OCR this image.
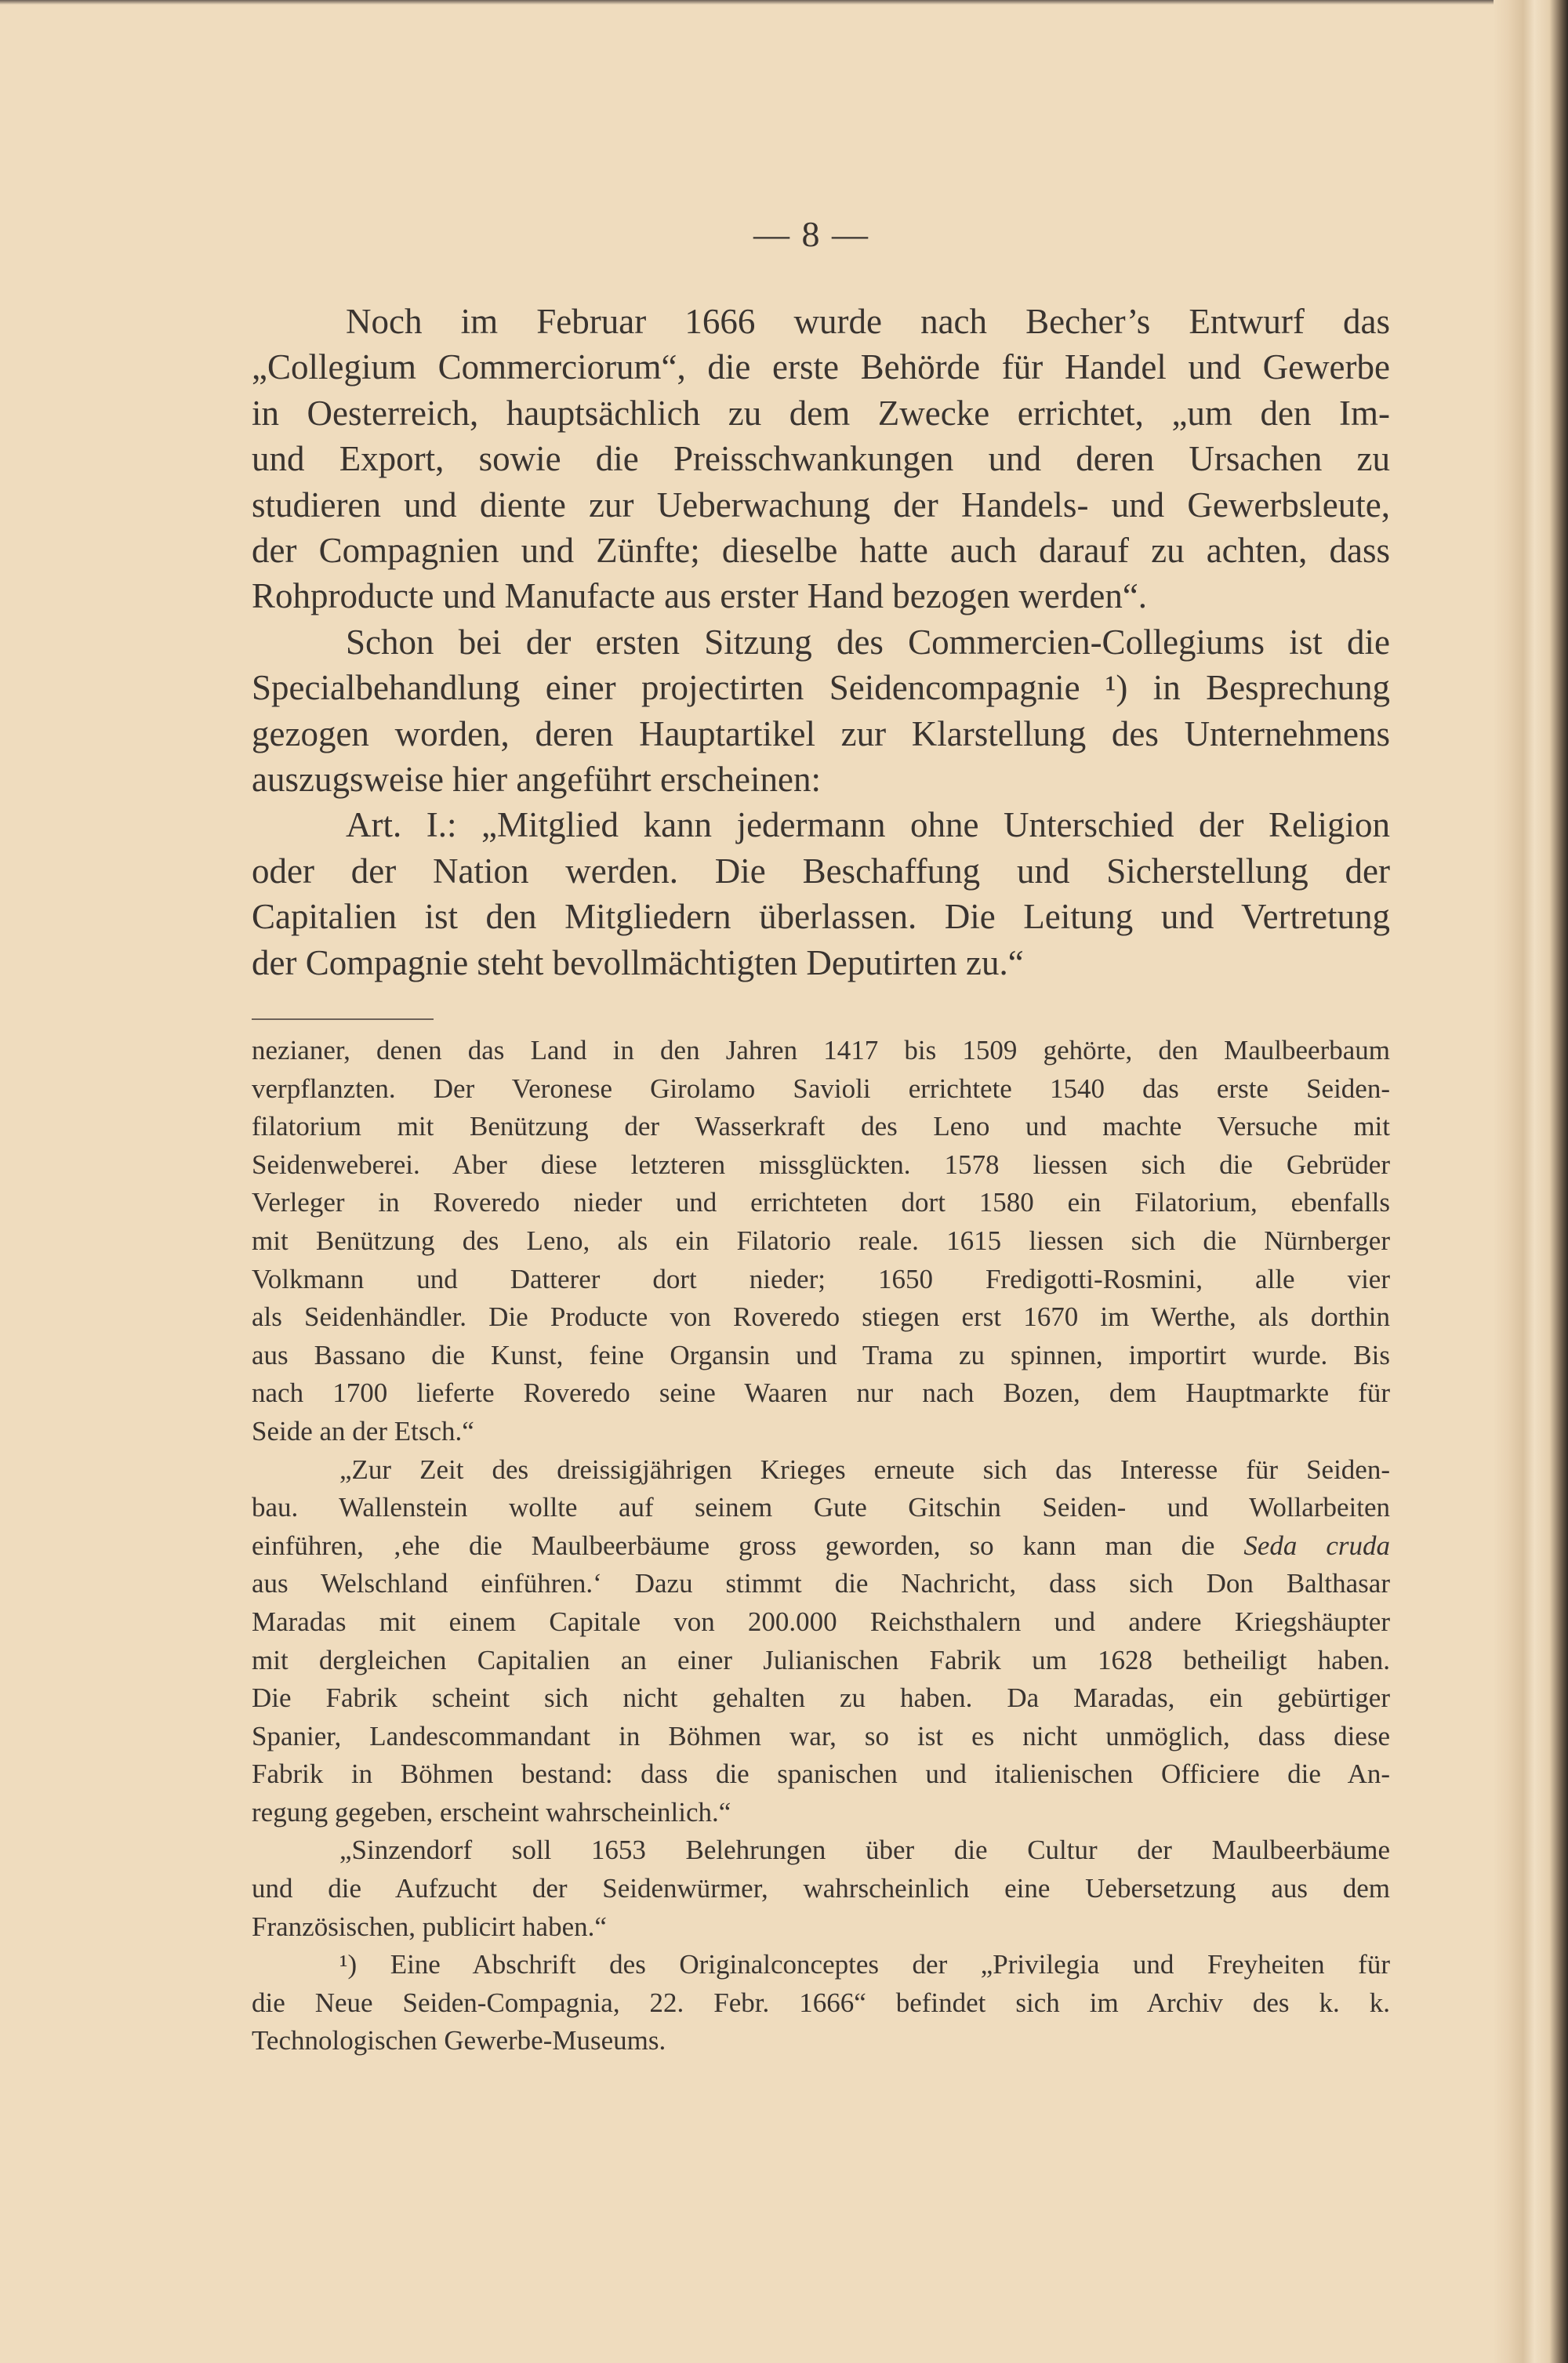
— 8 —
Noch im Februar 1666 wurde nach Becher’s Entwurf das
„Collegium Commerciorum“, die erste Behörde für Handel und Gewerbe
in Oesterreich, hauptsächlich zu dem Zwecke errichtet, „um den Im-
und Export, sowie die Preisschwankungen und deren Ursachen zu
studieren und diente zur Ueberwachung der Handels- und Gewerbsleute,
der Compagnien und Zünfte; dieselbe hatte auch darauf zu achten, dass
Rohproducte und Manufacte aus erster Hand bezogen werden“.
Schon bei der ersten Sitzung des Commercien-Collegiums ist die
Specialbehandlung einer projectirten Seidencompagnie ¹) in Besprechung
gezogen worden, deren Hauptartikel zur Klarstellung des Unternehmens
auszugsweise hier angeführt erscheinen:
Art. I.: „Mitglied kann jedermann ohne Unterschied der Religion
oder der Nation werden. Die Beschaffung und Sicherstellung der
Capitalien ist den Mitgliedern überlassen. Die Leitung und Vertretung
der Compagnie steht bevollmächtigten Deputirten zu.“
nezianer, denen das Land in den Jahren 1417 bis 1509 gehörte, den Maulbeerbaum
verpflanzten. Der Veronese Girolamo Savioli errichtete 1540 das erste Seiden-
filatorium mit Benützung der Wasserkraft des Leno und machte Versuche mit
Seidenweberei. Aber diese letzteren missglückten. 1578 liessen sich die Gebrüder
Verleger in Roveredo nieder und errichteten dort 1580 ein Filatorium, ebenfalls
mit Benützung des Leno, als ein Filatorio reale. 1615 liessen sich die Nürnberger
Volkmann und Datterer dort nieder; 1650 Fredigotti-Rosmini, alle vier
als Seidenhändler. Die Producte von Roveredo stiegen erst 1670 im Werthe, als dorthin
aus Bassano die Kunst, feine Organsin und Trama zu spinnen, importirt wurde. Bis
nach 1700 lieferte Roveredo seine Waaren nur nach Bozen, dem Hauptmarkte für
Seide an der Etsch.“
„Zur Zeit des dreissigjährigen Krieges erneute sich das Interesse für Seiden-
bau. Wallenstein wollte auf seinem Gute Gitschin Seiden- und Wollarbeiten
einführen, ‚ehe die Maulbeerbäume gross geworden, so kann man die Seda cruda
aus Welschland einführen.‘ Dazu stimmt die Nachricht, dass sich Don Balthasar
Maradas mit einem Capitale von 200.000 Reichsthalern und andere Kriegshäupter
mit dergleichen Capitalien an einer Julianischen Fabrik um 1628 betheiligt haben.
Die Fabrik scheint sich nicht gehalten zu haben. Da Maradas, ein gebürtiger
Spanier, Landescommandant in Böhmen war, so ist es nicht unmöglich, dass diese
Fabrik in Böhmen bestand: dass die spanischen und italienischen Officiere die An-
regung gegeben, erscheint wahrscheinlich.“
„Sinzendorf soll 1653 Belehrungen über die Cultur der Maulbeerbäume
und die Aufzucht der Seidenwürmer, wahrscheinlich eine Uebersetzung aus dem
Französischen, publicirt haben.“
¹) Eine Abschrift des Originalconceptes der „Privilegia und Freyheiten für
die Neue Seiden-Compagnia, 22. Febr. 1666“ befindet sich im Archiv des k. k.
Technologischen Gewerbe-Museums.
